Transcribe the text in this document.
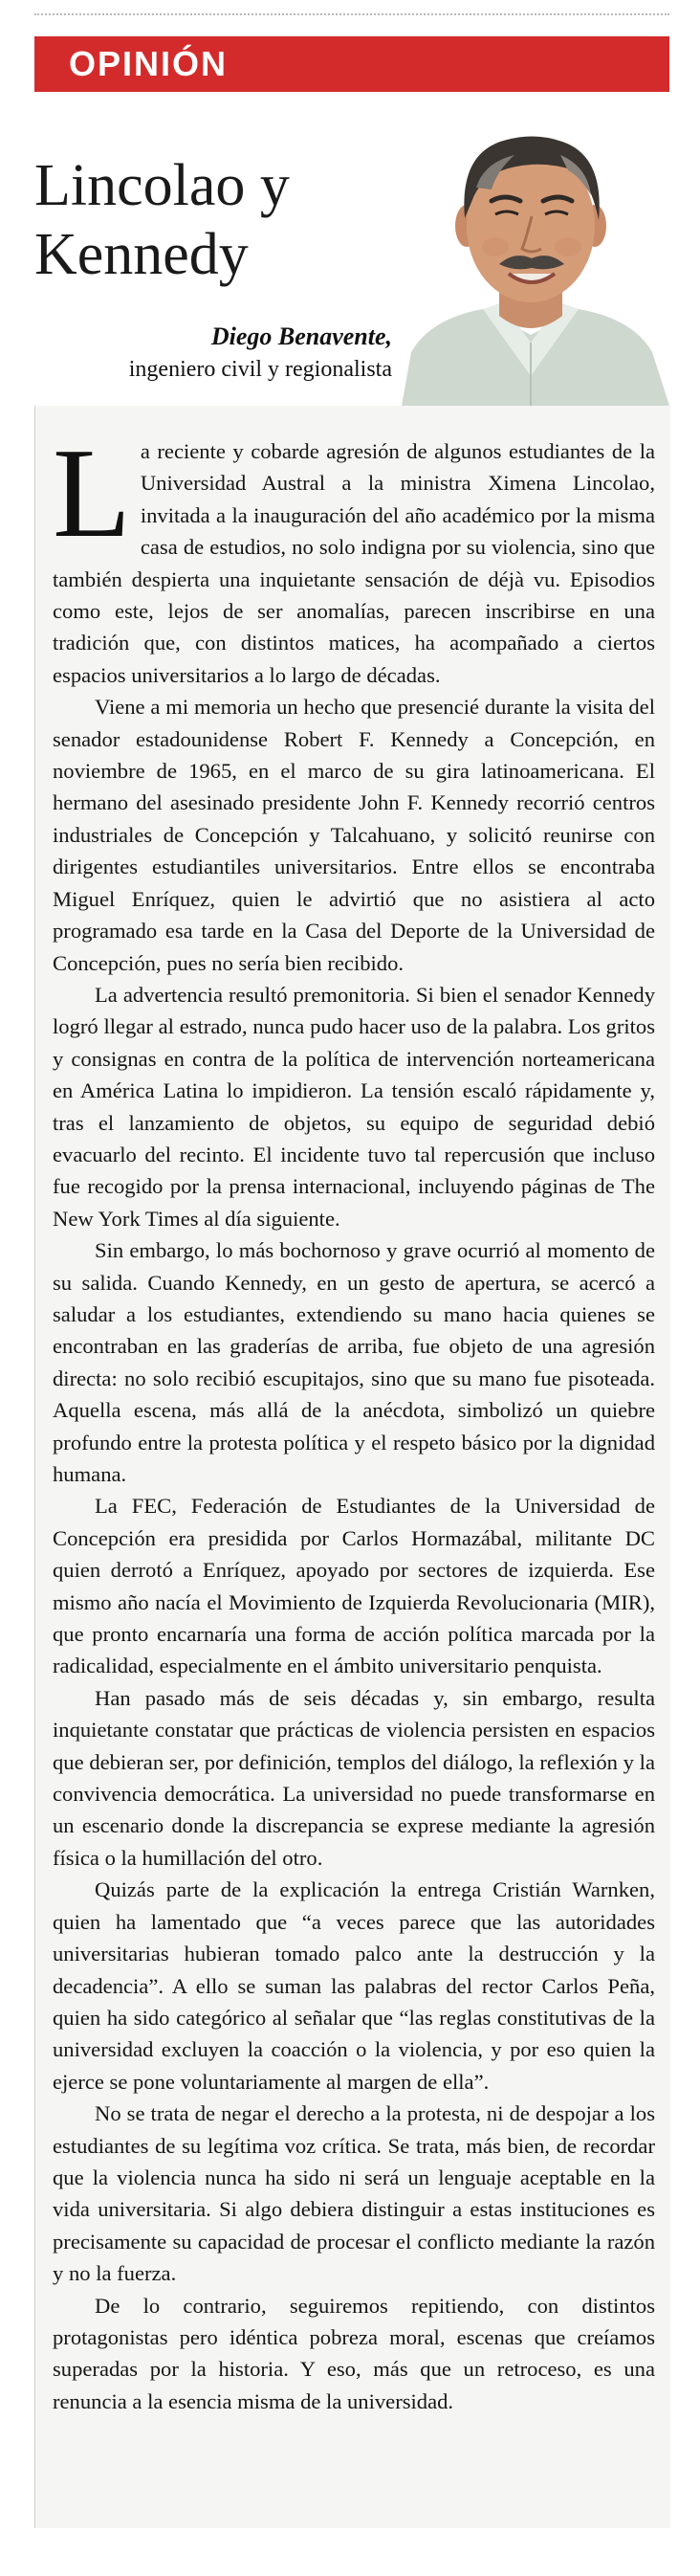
OPINIÓN
Lincolao y
Kennedy
Diego Benavente,
ingeniero civil y regionalista

La reciente y cobarde agresión de algunos estudiantes de la Universidad Austral a la ministra Ximena Lincolao, invitada a la inauguración del año académico por la misma casa de estudios, no solo indigna por su violencia, sino que también despierta una inquietante sensación de déjà vu. Episodios como este, lejos de ser anomalías, parecen inscribirse en una tradición que, con distintos matices, ha acompañado a ciertos espacios universitarios a lo largo de décadas.

Viene a mi memoria un hecho que presencié durante la visita del senador estadounidense Robert F. Kennedy a Concepción, en noviembre de 1965, en el marco de su gira latinoamericana. El hermano del asesinado presidente John F. Kennedy recorrió centros industriales de Concepción y Talcahuano, y solicitó reunirse con dirigentes estudiantiles universitarios. Entre ellos se encontraba Miguel Enríquez, quien le advirtió que no asistiera al acto programado esa tarde en la Casa del Deporte de la Universidad de Concepción, pues no sería bien recibido.

La advertencia resultó premonitoria. Si bien el senador Kennedy logró llegar al estrado, nunca pudo hacer uso de la palabra. Los gritos y consignas en contra de la política de intervención norteamericana en América Latina lo impidieron. La tensión escaló rápidamente y, tras el lanzamiento de objetos, su equipo de seguridad debió evacuarlo del recinto. El incidente tuvo tal repercusión que incluso fue recogido por la prensa internacional, incluyendo páginas de The New York Times al día siguiente.

Sin embargo, lo más bochornoso y grave ocurrió al momento de su salida. Cuando Kennedy, en un gesto de apertura, se acercó a saludar a los estudiantes, extendiendo su mano hacia quienes se encontraban en las graderías de arriba, fue objeto de una agresión directa: no solo recibió escupitajos, sino que su mano fue pisoteada. Aquella escena, más allá de la anécdota, simbolizó un quiebre profundo entre la protesta política y el respeto básico por la dignidad humana.

La FEC, Federación de Estudiantes de la Universidad de Concepción era presidida por Carlos Hormazábal, militante DC quien derrotó a Enríquez, apoyado por sectores de izquierda. Ese mismo año nacía el Movimiento de Izquierda Revolucionaria (MIR), que pronto encarnaría una forma de acción política marcada por la radicalidad, especialmente en el ámbito universitario penquista.

Han pasado más de seis décadas y, sin embargo, resulta inquietante constatar que prácticas de violencia persisten en espacios que debieran ser, por definición, templos del diálogo, la reflexión y la convivencia democrática. La universidad no puede transformarse en un escenario donde la discrepancia se exprese mediante la agresión física o la humillación del otro.

Quizás parte de la explicación la entrega Cristián Warnken, quien ha lamentado que “a veces parece que las autoridades universitarias hubieran tomado palco ante la destrucción y la decadencia”. A ello se suman las palabras del rector Carlos Peña, quien ha sido categórico al señalar que “las reglas constitutivas de la universidad excluyen la coacción o la violencia, y por eso quien la ejerce se pone voluntariamente al margen de ella”.

No se trata de negar el derecho a la protesta, ni de despojar a los estudiantes de su legítima voz crítica. Se trata, más bien, de recordar que la violencia nunca ha sido ni será un lenguaje aceptable en la vida universitaria. Si algo debiera distinguir a estas instituciones es precisamente su capacidad de procesar el conflicto mediante la razón y no la fuerza.

De lo contrario, seguiremos repitiendo, con distintos protagonistas pero idéntica pobreza moral, escenas que creíamos superadas por la historia. Y eso, más que un retroceso, es una renuncia a la esencia misma de la universidad.
